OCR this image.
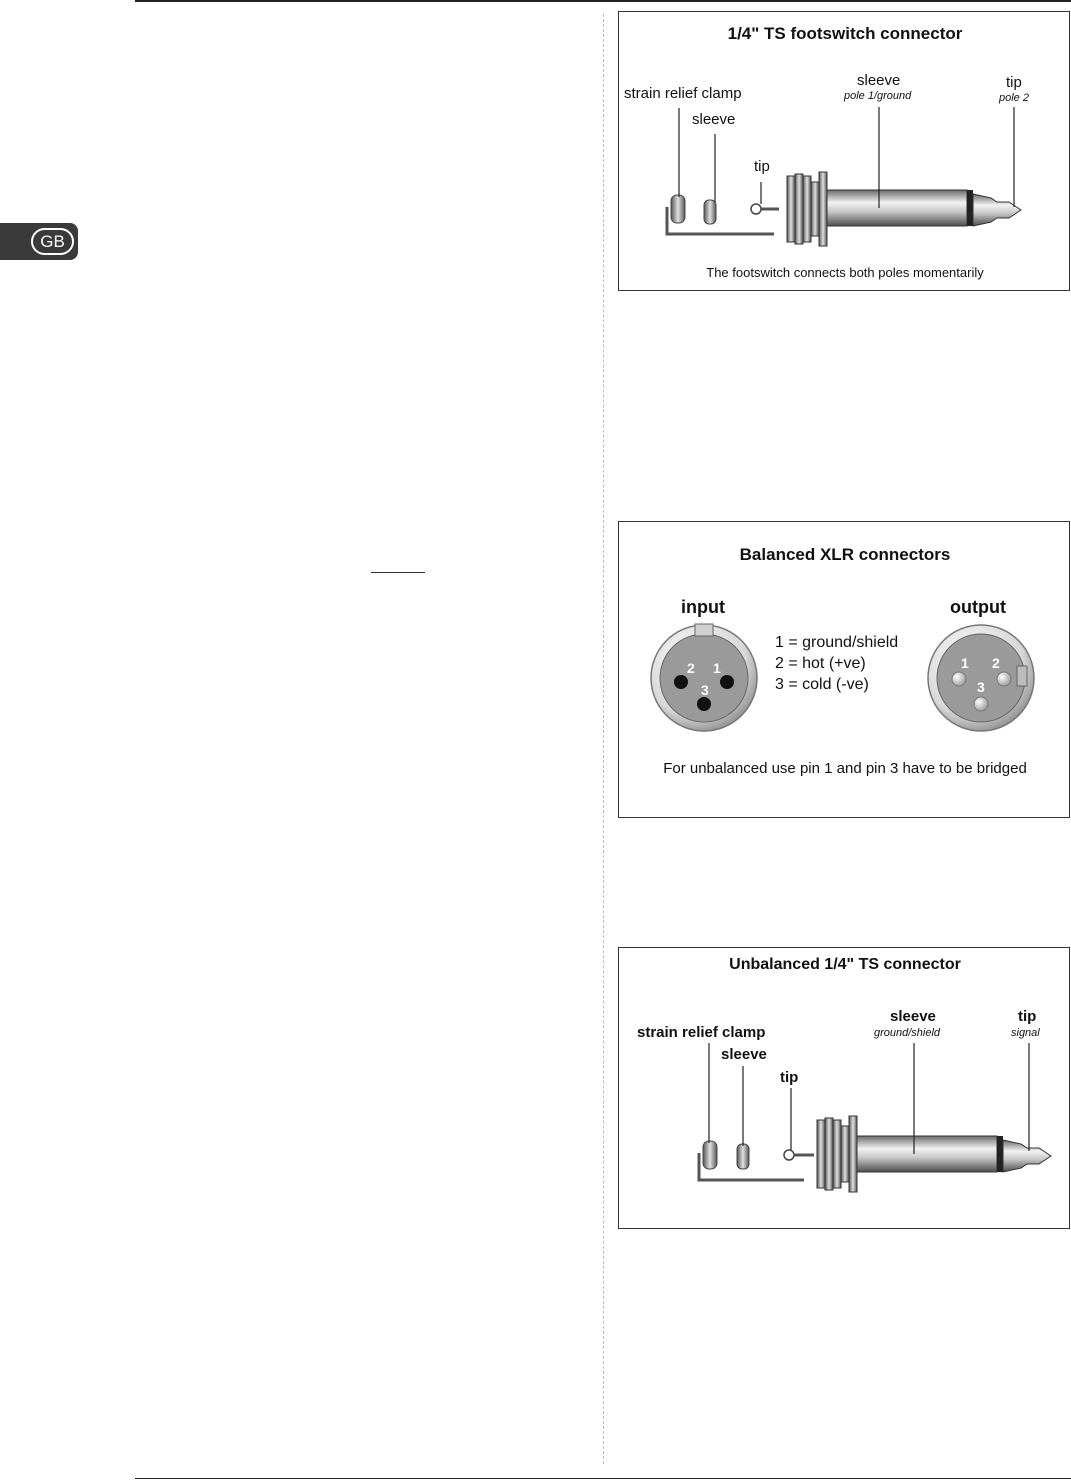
GB
1/4" TS footswitch connector
strain relief clamp
sleeve
tip
sleeve
pole 1/ground
tip
pole 2
The footswitch connects both poles momentarily
Balanced XLR connectors
input	output
2 1
3
1 2
3
1 = ground/shield
2 = hot (+ve)
3 = cold (-ve)
For unbalanced use pin 1 and pin 3 have to be bridged
Unbalanced 1/4" TS connector
strain relief clamp
sleeve
tip
sleeve
ground/shield
tip
signal
